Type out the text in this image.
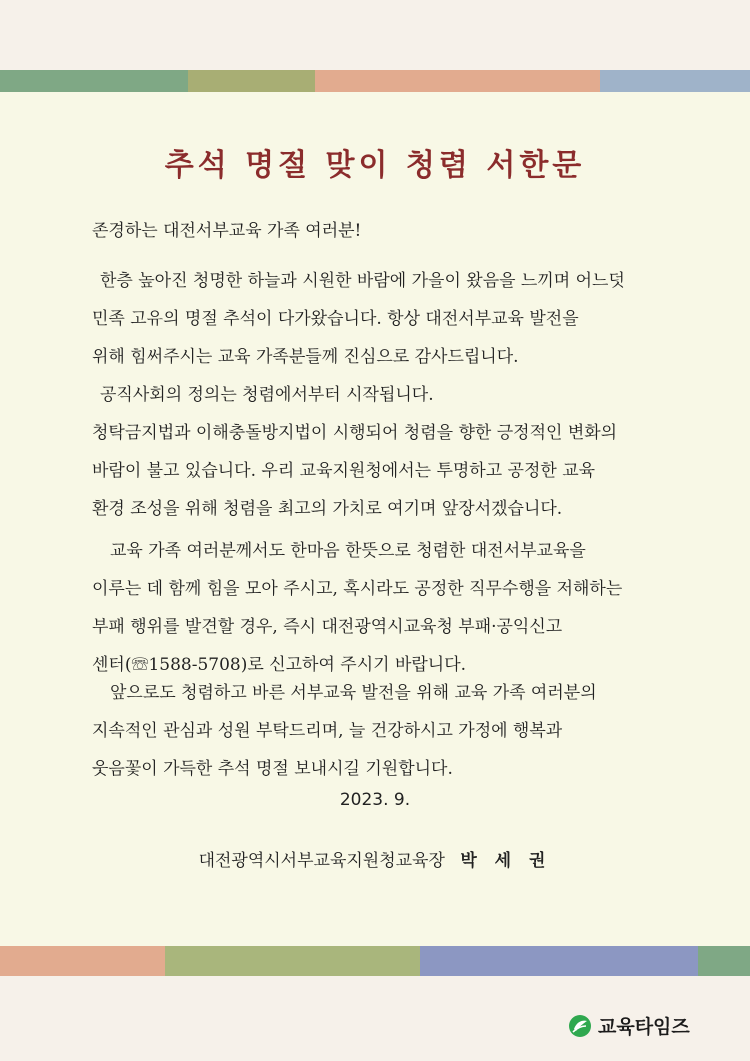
추석 명절 맞이 청렴 서한문
존경하는 대전서부교육 가족 여러분!
한층 높아진 청명한 하늘과 시원한 바람에 가을이 왔음을 느끼며 어느덧
민족 고유의 명절 추석이 다가왔습니다. 항상 대전서부교육 발전을
위해 힘써주시는 교육 가족분들께 진심으로 감사드립니다.
공직사회의 정의는 청렴에서부터 시작됩니다.
청탁금지법과 이해충돌방지법이 시행되어 청렴을 향한 긍정적인 변화의
바람이 불고 있습니다. 우리 교육지원청에서는 투명하고 공정한 교육
환경 조성을 위해 청렴을 최고의 가치로 여기며 앞장서겠습니다.
교육 가족 여러분께서도 한마음 한뜻으로 청렴한 대전서부교육을
이루는 데 함께 힘을 모아 주시고, 혹시라도 공정한 직무수행을 저해하는
부패 행위를 발견할 경우, 즉시 대전광역시교육청 부패·공익신고
센터(☏1588-5708)로 신고하여 주시기 바랍니다.
앞으로도 청렴하고 바른 서부교육 발전을 위해 교육 가족 여러분의
지속적인 관심과 성원 부탁드리며, 늘 건강하시고 가정에 행복과
웃음꽃이 가득한 추석 명절 보내시길 기원합니다.
2023. 9.
대전광역시서부교육지원청교육장 박 세 권
교육타임즈
